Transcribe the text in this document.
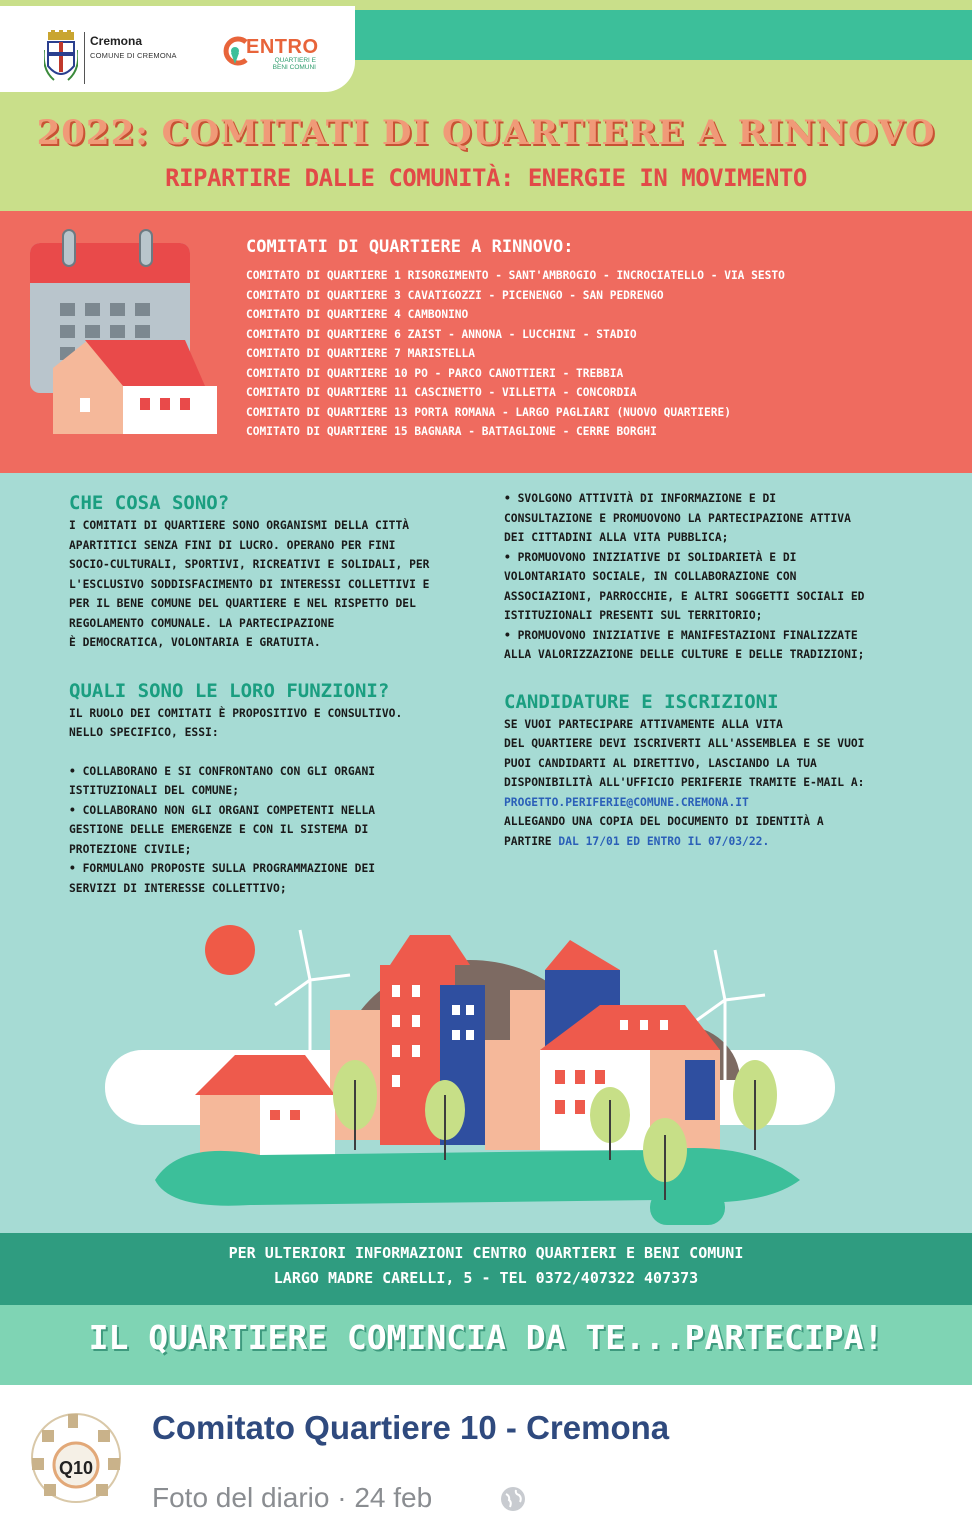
Cremona
COMUNE DI CREMONA	ENTRO
QUARTIERI E
BENI COMUNI
2022: COMITATI DI QUARTIERE A RINNOVO
RIPARTIRE DALLE COMUNITÀ: ENERGIE IN MOVIMENTO
COMITATI DI QUARTIERE A RINNOVO:
COMITATO DI QUARTIERE 1 RISORGIMENTO - SANT'AMBROGIO - INCROCIATELLO - VIA SESTO
COMITATO DI QUARTIERE 3 CAVATIGOZZI - PICENENGO - SAN PEDRENGO
COMITATO DI QUARTIERE 4 CAMBONINO
COMITATO DI QUARTIERE 6 ZAIST - ANNONA - LUCCHINI - STADIO
COMITATO DI QUARTIERE 7 MARISTELLA
COMITATO DI QUARTIERE 10 PO - PARCO CANOTTIERI - TREBBIA
COMITATO DI QUARTIERE 11 CASCINETTO - VILLETTA - CONCORDIA
COMITATO DI QUARTIERE 13 PORTA ROMANA - LARGO PAGLIARI (NUOVO QUARTIERE)
COMITATO DI QUARTIERE 15 BAGNARA - BATTAGLIONE - CERRE BORGHI
CHE COSA SONO?

I COMITATI DI QUARTIERE SONO ORGANISMI DELLA CITTÀ
APARTITICI SENZA FINI DI LUCRO. OPERANO PER FINI
SOCIO-CULTURALI, SPORTIVI, RICREATIVI E SOLIDALI, PER
L'ESCLUSIVO SODDISFACIMENTO DI INTERESSI COLLETTIVI E
PER IL BENE COMUNE DEL QUARTIERE E NEL RISPETTO DEL
REGOLAMENTO COMUNALE. LA PARTECIPAZIONE
È DEMOCRATICA, VOLONTARIA E GRATUITA.

QUALI SONO LE LORO FUNZIONI?

IL RUOLO DEI COMITATI È PROPOSITIVO E CONSULTIVO.
NELLO SPECIFICO, ESSI:

• COLLABORANO E SI CONFRONTANO CON GLI ORGANI
ISTITUZIONALI DEL COMUNE;
• COLLABORANO NON GLI ORGANI COMPETENTI NELLA
GESTIONE DELLE EMERGENZE E CON IL SISTEMA DI
PROTEZIONE CIVILE;
• FORMULANO PROPOSTE SULLA PROGRAMMAZIONE DEI
SERVIZI DI INTERESSE COLLETTIVO;

• SVOLGONO ATTIVITÀ DI INFORMAZIONE E DI
CONSULTAZIONE E PROMUOVONO LA PARTECIPAZIONE ATTIVA
DEI CITTADINI ALLA VITA PUBBLICA;
• PROMUOVONO INIZIATIVE DI SOLIDARIETÀ E DI
VOLONTARIATO SOCIALE, IN COLLABORAZIONE CON
ASSOCIAZIONI, PARROCCHIE, E ALTRI SOGGETTI SOCIALI ED
ISTITUZIONALI PRESENTI SUL TERRITORIO;
• PROMUOVONO INIZIATIVE E MANIFESTAZIONI FINALIZZATE
ALLA VALORIZZAZIONE DELLE CULTURE E DELLE TRADIZIONI;

CANDIDATURE E ISCRIZIONI

SE VUOI PARTECIPARE ATTIVAMENTE ALLA VITA
DEL QUARTIERE DEVI ISCRIVERTI ALL'ASSEMBLEA E SE VUOI
PUOI CANDIDARTI AL DIRETTIVO, LASCIANDO LA TUA
DISPONIBILITÀ ALL'UFFICIO PERIFERIE TRAMITE E-MAIL A:

PROGETTO.PERIFERIE@COMUNE.CREMONA.IT

ALLEGANDO UNA COPIA DEL DOCUMENTO DI IDENTITÀ A

PARTIRE DAL 17/01 ED ENTRO IL 07/03/22.

PER ULTERIORI INFORMAZIONI CENTRO QUARTIERI E BENI COMUNI
LARGO MADRE CARELLI, 5 - TEL 0372/407322 407373
IL QUARTIERE COMINCIA DA TE...PARTECIPA!
Q10
Comitato Quartiere 10 - Cremona
Foto del diario · 24 feb
